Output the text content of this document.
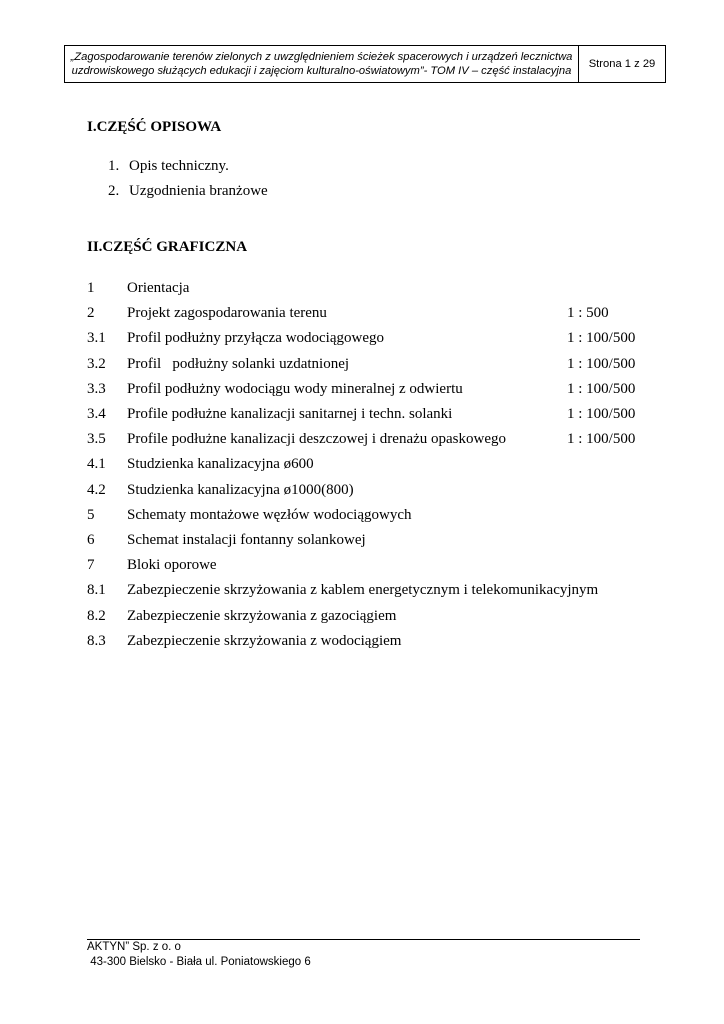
„Zagospodarowanie terenów zielonych z uwzględnieniem ścieżek spacerowych i urządzeń lecznictwa
uzdrowiskowego służących edukacji i zajęciom kulturalno-oświatowym”- TOM IV – część instalacyjna
Strona 1 z 29
I.CZĘŚĆ OPISOWA
1. Opis techniczny.
2. Uzgodnienia branżowe
II.CZĘŚĆ GRAFICZNA
1 Orientacja
2 Projekt zagospodarowania terenu	1 : 500
3.1 Profil podłużny przyłącza wodociągowego	1 : 100/500
3.2 Profil   podłużny solanki uzdatnionej	1 : 100/500
3.3 Profil podłużny wodociągu wody mineralnej z odwiertu	1 : 100/500
3.4 Profile podłużne kanalizacji sanitarnej i techn. solanki	1 : 100/500
3.5 Profile podłużne kanalizacji deszczowej i drenażu opaskowego	1 : 100/500
4.1 Studzienka kanalizacyjna ø600
4.2 Studzienka kanalizacyjna ø1000(800)
5 Schematy montażowe węzłów wodociągowych
6 Schemat instalacji fontanny solankowej
7 Bloki oporowe
8.1 Zabezpieczenie skrzyżowania z kablem energetycznym i telekomunikacyjnym
8.2 Zabezpieczenie skrzyżowania z gazociągiem
8.3 Zabezpieczenie skrzyżowania z wodociągiem
AKTYN” Sp. z o. o
43-300 Bielsko - Biała ul. Poniatowskiego 6
